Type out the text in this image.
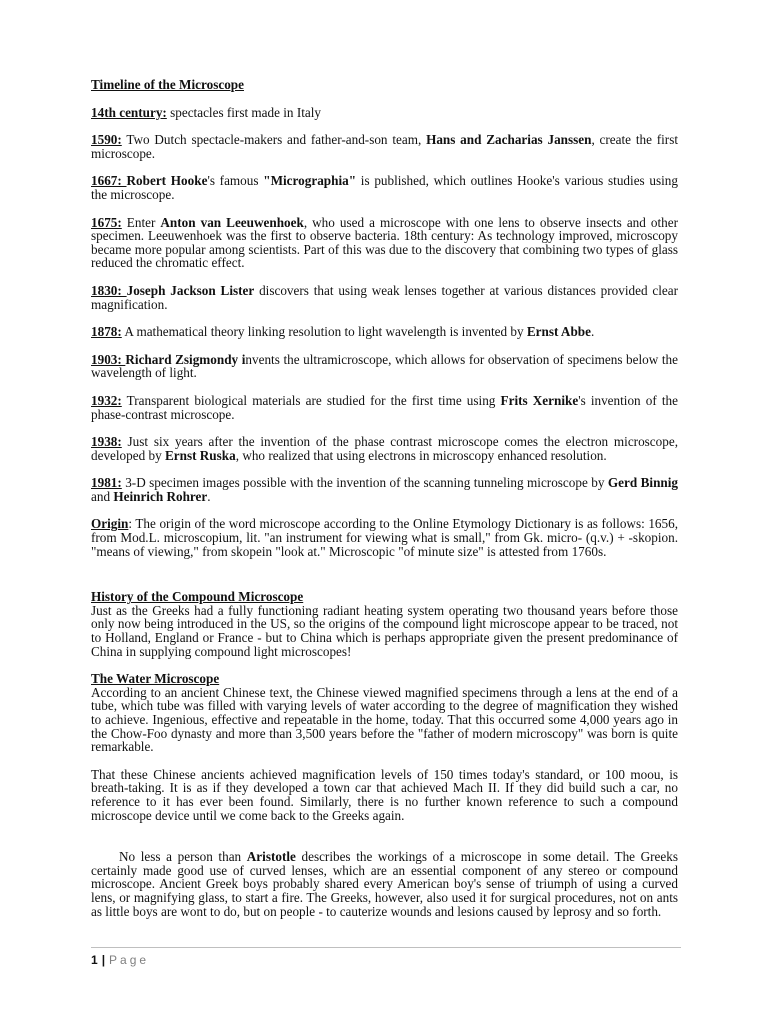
Timeline of the Microscope
14th century: spectacles first made in Italy
1590: Two Dutch spectacle-makers and father-and-son team, Hans and Zacharias Janssen, create the first microscope.
1667: Robert Hooke's famous "Micrographia" is published, which outlines Hooke's various studies using the microscope.
1675: Enter Anton van Leeuwenhoek, who used a microscope with one lens to observe insects and other specimen. Leeuwenhoek was the first to observe bacteria. 18th century: As technology improved, microscopy became more popular among scientists. Part of this was due to the discovery that combining two types of glass reduced the chromatic effect.
1830: Joseph Jackson Lister discovers that using weak lenses together at various distances provided clear magnification.
1878: A mathematical theory linking resolution to light wavelength is invented by Ernst Abbe.
1903: Richard Zsigmondy invents the ultramicroscope, which allows for observation of specimens below the wavelength of light.
1932: Transparent biological materials are studied for the first time using Frits Xernike's invention of the phase-contrast microscope.
1938: Just six years after the invention of the phase contrast microscope comes the electron microscope, developed by Ernst Ruska, who realized that using electrons in microscopy enhanced resolution.
1981: 3-D specimen images possible with the invention of the scanning tunneling microscope by Gerd Binnig and Heinrich Rohrer.
Origin: The origin of the word microscope according to the Online Etymology Dictionary is as follows: 1656, from Mod.L. microscopium, lit. "an instrument for viewing what is small," from Gk. micro- (q.v.) + -skopion. "means of viewing," from skopein "look at." Microscopic "of minute size" is attested from 1760s.
History of the Compound Microscope
Just as the Greeks had a fully functioning radiant heating system operating two thousand years before those only now being introduced in the US, so the origins of the compound light microscope appear to be traced, not to Holland, England or France - but to China which is perhaps appropriate given the present predominance of China in supplying compound light microscopes!
The Water Microscope
According to an ancient Chinese text, the Chinese viewed magnified specimens through a lens at the end of a tube, which tube was filled with varying levels of water according to the degree of magnification they wished to achieve. Ingenious, effective and repeatable in the home, today. That this occurred some 4,000 years ago in the Chow-Foo dynasty and more than 3,500 years before the "father of modern microscopy" was born is quite remarkable.
That these Chinese ancients achieved magnification levels of 150 times today's standard, or 100 moou, is breath-taking. It is as if they developed a town car that achieved Mach II. If they did build such a car, no reference to it has ever been found. Similarly, there is no further known reference to such a compound microscope device until we come back to the Greeks again.
No less a person than Aristotle describes the workings of a microscope in some detail. The Greeks certainly made good use of curved lenses, which are an essential component of any stereo or compound microscope. Ancient Greek boys probably shared every American boy's sense of triumph of using a curved lens, or magnifying glass, to start a fire. The Greeks, however, also used it for surgical procedures, not on ants as little boys are wont to do, but on people - to cauterize wounds and lesions caused by leprosy and so forth.
1 | Page
